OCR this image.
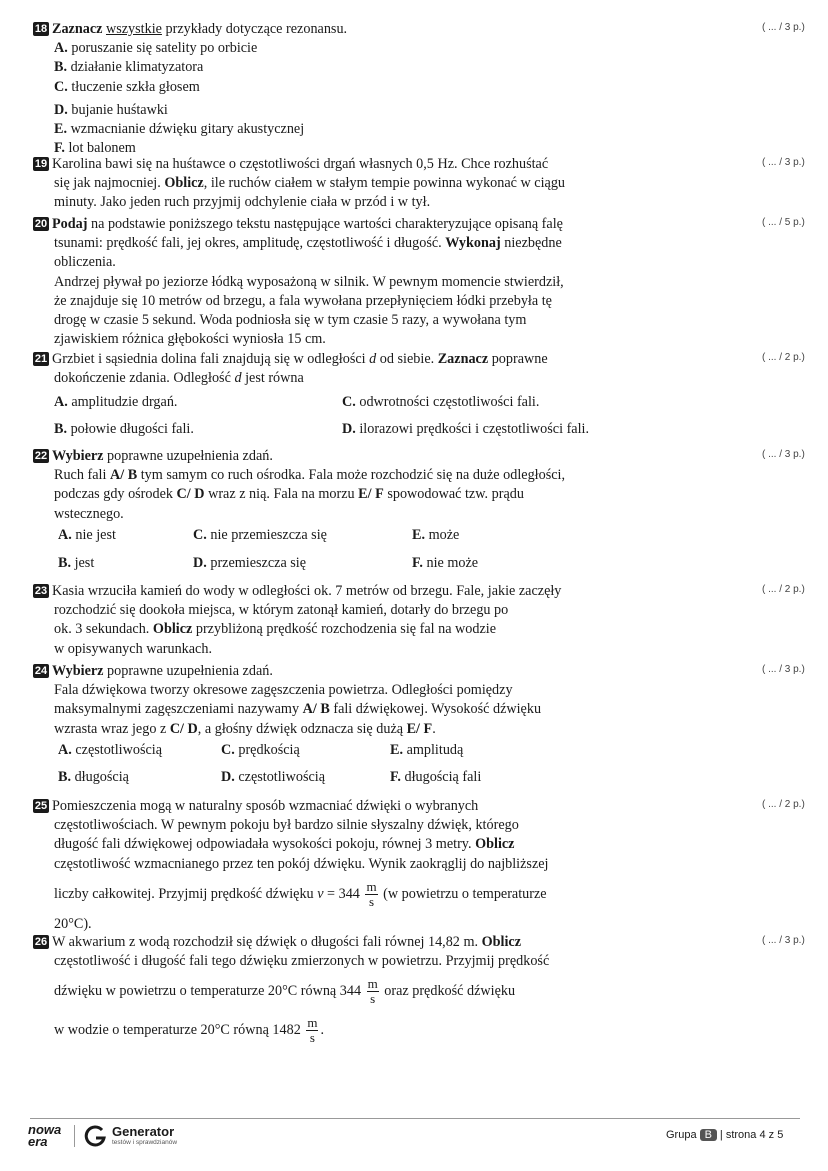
18 Zaznacz wszystkie przykłady dotyczące rezonansu.
A. poruszanie się satelity po orbicie
B. działanie klimatyzatora
C. tłuczenie szkła głosem
D. bujanie huśtawki
E. wzmacnianie dźwięku gitary akustycznej
F. lot balonem
( ... / 3 p.)
19 Karolina bawi się na huśtawce o częstotliwości drgań własnych 0,5 Hz. Chce rozhuśtać
się jak najmocniej. Oblicz, ile ruchów ciałem w stałym tempie powinna wykonać w ciągu
minuty. Jako jeden ruch przyjmij odchylenie ciała w przód i w tył.
( ... / 3 p.)
20 Podaj na podstawie poniższego tekstu następujące wartości charakteryzujące opisaną falę
tsunami: prędkość fali, jej okres, amplitudę, częstotliwość i długość. Wykonaj niezbędne
obliczenia.
Andrzej pływał po jeziorze łódką wyposażoną w silnik. W pewnym momencie stwierdził,
że znajduje się 10 metrów od brzegu, a fala wywołana przepłynięciem łódki przebyła tę
drogę w czasie 5 sekund. Woda podniosła się w tym czasie 5 razy, a wywołana tym
zjawiskiem różnica głębokości wyniosła 15 cm.
( ... / 5 p.)
21 Grzbiet i sąsiednia dolina fali znajdują się w odległości d od siebie. Zaznacz poprawne
dokończenie zdania. Odległość d jest równa
( ... / 2 p.)
A. amplitudzie drgań.	C. odwrotności częstotliwości fali.
B. połowie długości fali.	D. ilorazowi prędkości i częstotliwości fali.
22 Wybierz poprawne uzupełnienia zdań.
Ruch fali A/ B tym samym co ruch ośrodka. Fala może rozchodzić się na duże odległości,
podczas gdy ośrodek C/ D wraz z nią. Fala na morzu E/ F spowodować tzw. prądu
wstecznego.
( ... / 3 p.)
A. nie jest	C. nie przemieszcza się	E. może
B. jest	D. przemieszcza się	F. nie może
23 Kasia wrzuciła kamień do wody w odległości ok. 7 metrów od brzegu. Fale, jakie zaczęły
rozchodzić się dookoła miejsca, w którym zatonął kamień, dotarły do brzegu po
ok. 3 sekundach. Oblicz przybliżoną prędkość rozchodzenia się fal na wodzie
w opisywanych warunkach.
( ... / 2 p.)
24 Wybierz poprawne uzupełnienia zdań.
Fala dźwiękowa tworzy okresowe zagęszczenia powietrza. Odległości pomiędzy
maksymalnymi zagęszczeniami nazywamy A/ B fali dźwiękowej. Wysokość dźwięku
wzrasta wraz jego z C/ D, a głośny dźwięk odznacza się dużą E/ F.
( ... / 3 p.)
A. częstotliwością	C. prędkością	E. amplitudą
B. długością	D. częstotliwością	F. długością fali
25 Pomieszczenia mogą w naturalny sposób wzmacniać dźwięki o wybranych
częstotliwościach. W pewnym pokoju był bardzo silnie słyszalny dźwięk, którego
długość fali dźwiękowej odpowiadała wysokości pokoju, równej 3 metry. Oblicz
częstotliwość wzmacnianego przez ten pokój dźwięku. Wynik zaokrąglij do najbliższej
liczby całkowitej. Przyjmij prędkość dźwięku $v = 344 \frac{m}{s} (w$ powietrzu o temperaturze
20°C).
( ... / 2 p.)
26 W akwarium z wodą rozchodził się dźwięk o długości fali równej 14,82 m. Oblicz
częstotliwość i długość fali tego dźwięku zmierzonych w powietrzu. Przyjmij prędkość
dźwięku w powietrzu o temperaturze 20°C równą $344 \frac{m}{s}$ oraz prędkość dźwięku
w wodzie o temperaturze 20°C równą $1482 \frac{m}{s}$ .
( ... / 3 p.)
nowa
era
Generator
testów i sprawdzianów
Grupa B | strona 4 z 5
